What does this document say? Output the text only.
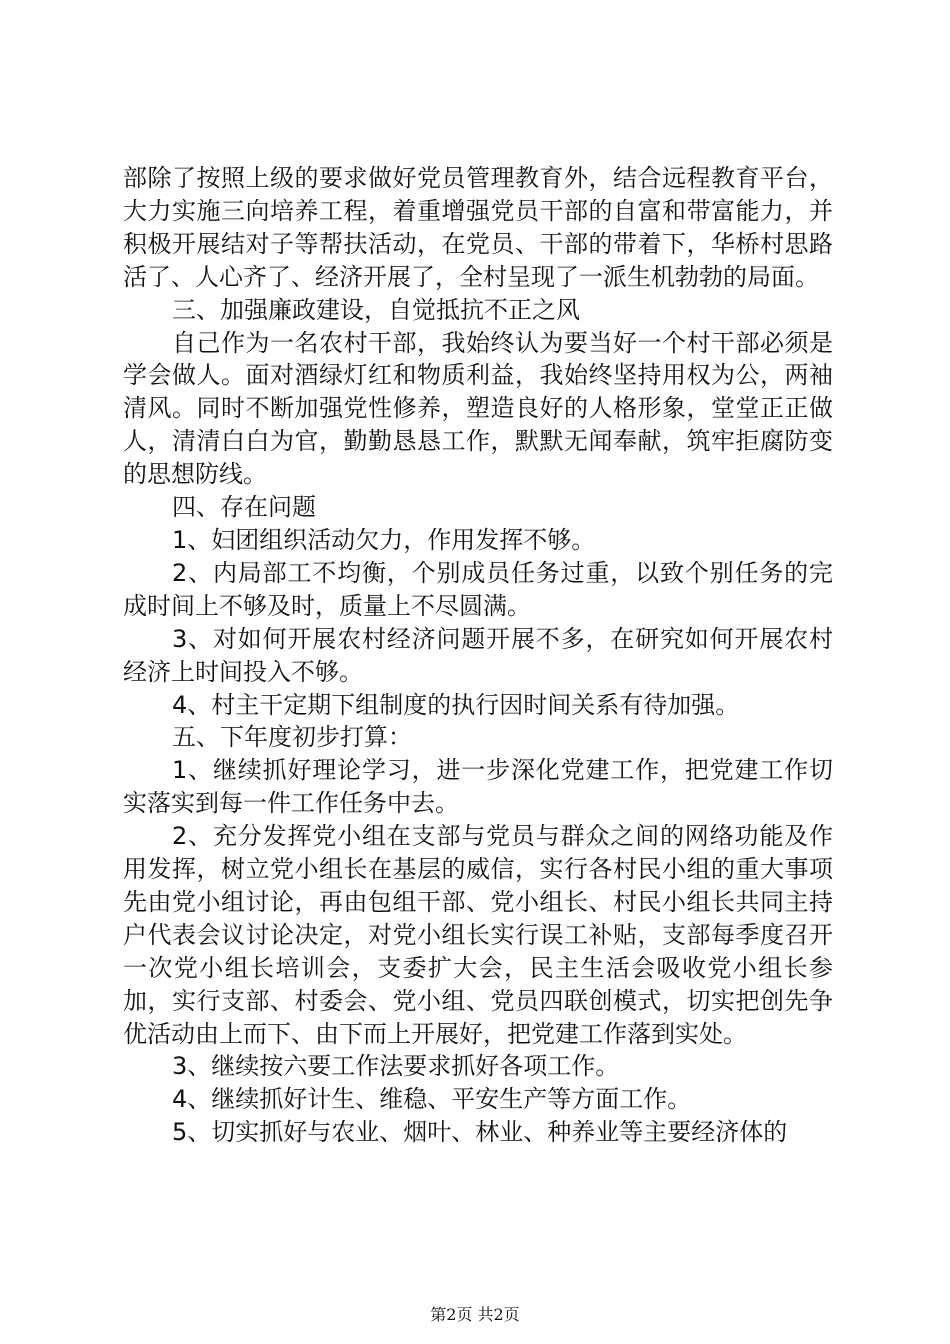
部除了按照上级的要求做好党员管理教育外，结合远程教育平台，大力实施三向培养工程，着重增强党员干部的自富和带富能力，并积极开展结对子等帮扶活动，在党员、干部的带着下，华桥村思路活了、人心齐了、经济开展了，全村呈现了一派生机勃勃的局面。

三、加强廉政建设，自觉抵抗不正之风

自己作为一名农村干部，我始终认为要当好一个村干部必须是学会做人。面对酒绿灯红和物质利益，我始终坚持用权为公，两袖清风。同时不断加强党性修养，塑造良好的人格形象，堂堂正正做人，清清白白为官，勤勤恳恳工作，默默无闻奉献，筑牢拒腐防变的思想防线。

四、存在问题

1、妇团组织活动欠力，作用发挥不够。

2、内局部工不均衡，个别成员任务过重，以致个别任务的完成时间上不够及时，质量上不尽圆满。

3、对如何开展农村经济问题开展不多，在研究如何开展农村经济上时间投入不够。

4、村主干定期下组制度的执行因时间关系有待加强。

五、下年度初步打算：

1、继续抓好理论学习，进一步深化党建工作，把党建工作切实落实到每一件工作任务中去。

2、充分发挥党小组在支部与党员与群众之间的网络功能及作用发挥，树立党小组长在基层的威信，实行各村民小组的重大事项先由党小组讨论，再由包组干部、党小组长、村民小组长共同主持户代表会议讨论决定，对党小组长实行误工补贴，支部每季度召开一次党小组长培训会，支委扩大会，民主生活会吸收党小组长参加，实行支部、村委会、党小组、党员四联创模式，切实把创先争优活动由上而下、由下而上开展好，把党建工作落到实处。

3、继续按六要工作法要求抓好各项工作。

4、继续抓好计生、维稳、平安生产等方面工作。

5、切实抓好与农业、烟叶、林业、种养业等主要经济体的

第2页 共2页
